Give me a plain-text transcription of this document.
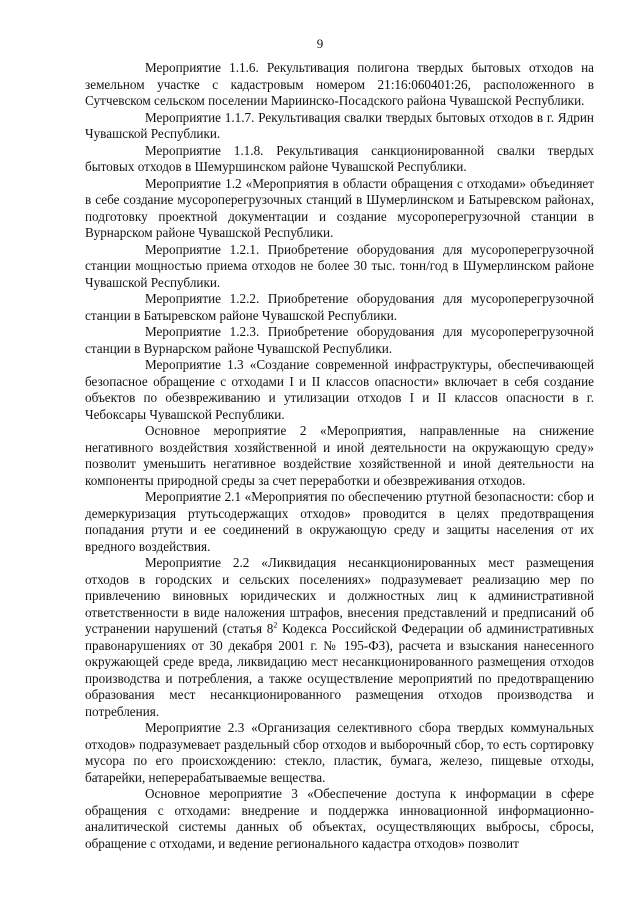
9

Мероприятие 1.1.6. Рекультивация полигона твердых бытовых отходов на земельном участке с кадастровым номером 21:16:060401:26, расположенного в Сутчевском сельском поселении Мариинско-Посадского района Чувашской Республики.

Мероприятие 1.1.7. Рекультивация свалки твердых бытовых отходов в г. Ядрин Чувашской Республики.

Мероприятие 1.1.8. Рекультивация санкционированной свалки твердых бытовых отходов в Шемуршинском районе Чувашской Республики.

Мероприятие 1.2 «Мероприятия в области обращения с отходами» объединяет в себе создание мусороперегрузочных станций в Шумерлинском и Батыревском районах, подготовку проектной документации и создание мусороперегрузочной станции в Вурнарском районе Чувашской Республики.

Мероприятие 1.2.1. Приобретение оборудования для мусороперегрузочной станции мощностью приема отходов не более 30 тыс. тонн/год в Шумерлинском районе Чувашской Республики.

Мероприятие 1.2.2. Приобретение оборудования для мусороперегрузочной станции в Батыревском районе Чувашской Республики.

Мероприятие 1.2.3. Приобретение оборудования для мусороперегрузочной станции в Вурнарском районе Чувашской Республики.

Мероприятие 1.3 «Создание современной инфраструктуры, обеспечивающей безопасное обращение с отходами I и II классов опасности» включает в себя создание объектов по обезвреживанию и утилизации отходов I и II классов опасности в г. Чебоксары Чувашской Республики.

Основное мероприятие 2 «Мероприятия, направленные на снижение негативного воздействия хозяйственной и иной деятельности на окружающую среду» позволит уменьшить негативное воздействие хозяйственной и иной деятельности на компоненты природной среды за счет переработки и обезвреживания отходов.

Мероприятие 2.1 «Мероприятия по обеспечению ртутной безопасности: сбор и демеркуризация ртутьсодержащих отходов» проводится в целях предотвращения попадания ртути и ее соединений в окружающую среду и защиты населения от их вредного воздействия.

Мероприятие 2.2 «Ликвидация несанкционированных мест размещения отходов в городских и сельских поселениях» подразумевает реализацию мер по привлечению виновных юридических и должностных лиц к административной ответственности в виде наложения штрафов, внесения представлений и предписаний об устранении нарушений (статья $8^2$ Кодекса Российской Федерации об административных правонарушениях от 30 декабря 2001 г. № 195-ФЗ), расчета и взыскания нанесенного окружающей среде вреда, ликвидацию мест несанкционированного размещения отходов производства и потребления, а также осуществление мероприятий по предотвращению образования мест несанкционированного размещения отходов производства и потребления.

Мероприятие 2.3 «Организация селективного сбора твердых коммунальных отходов» подразумевает раздельный сбор отходов и выборочный сбор, то есть сортировку мусора по его происхождению: стекло, пластик, бумага, железо, пищевые отходы, батарейки, неперерабатываемые вещества.

Основное мероприятие 3 «Обеспечение доступа к информации в сфере обращения с отходами: внедрение и поддержка инновационной информационно-аналитической системы данных об объектах, осуществляющих выбросы, сбросы, обращение с отходами, и ведение регионального кадастра отходов» позволит
